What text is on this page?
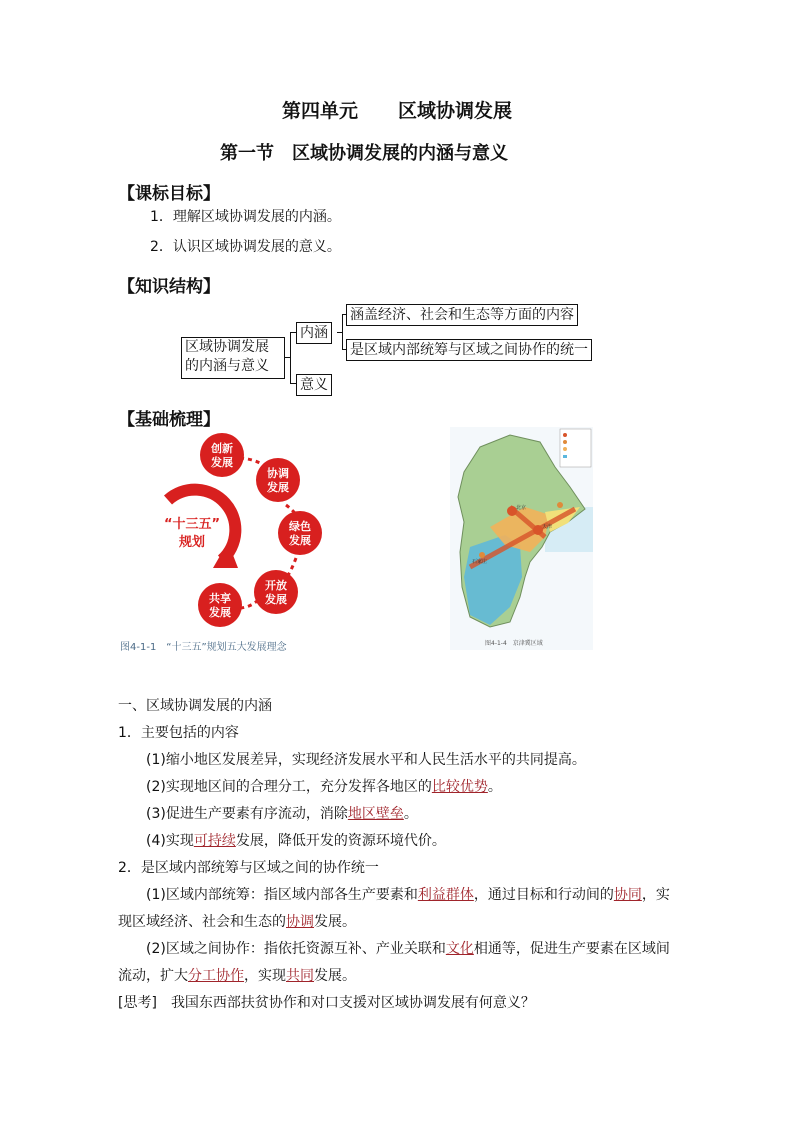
第四单元 区域协调发展
第一节　区域协调发展的内涵与意义
【课标目标】
1．理解区域协调发展的内涵。
2．认识区域协调发展的意义。
【知识结构】
区域协调发展
的内涵与意义
内涵
意义
涵盖经济、社会和生态等方面的内容
是区域内部统筹与区域之间协作的统一
【基础梳理】
“十三五”
规划
创新
发展
协调
发展
绿色
发展
开放
发展
共享
发展
图4-1-1　“十三五”规划五大发展理念
北京
天津
石家庄
图4-1-4　京津冀区域
一、区域协调发展的内涵
1．主要包括的内容
(1)缩小地区发展差异，实现经济发展水平和人民生活水平的共同提高。
(2)实现地区间的合理分工，充分发挥各地区的比较优势。
(3)促进生产要素有序流动，消除地区壁垒。
(4)实现可持续发展，降低开发的资源环境代价。
2．是区域内部统筹与区域之间的协作统一
(1)区域内部统筹：指区域内部各生产要素和利益群体，通过目标和行动间的协同，实
现区域经济、社会和生态的协调发展。
(2)区域之间协作：指依托资源互补、产业关联和文化相通等，促进生产要素在区域间
流动，扩大分工协作，实现共同发展。
[思考]　 我国东西部扶贫协作和对口支援对区域协调发展有何意义？
